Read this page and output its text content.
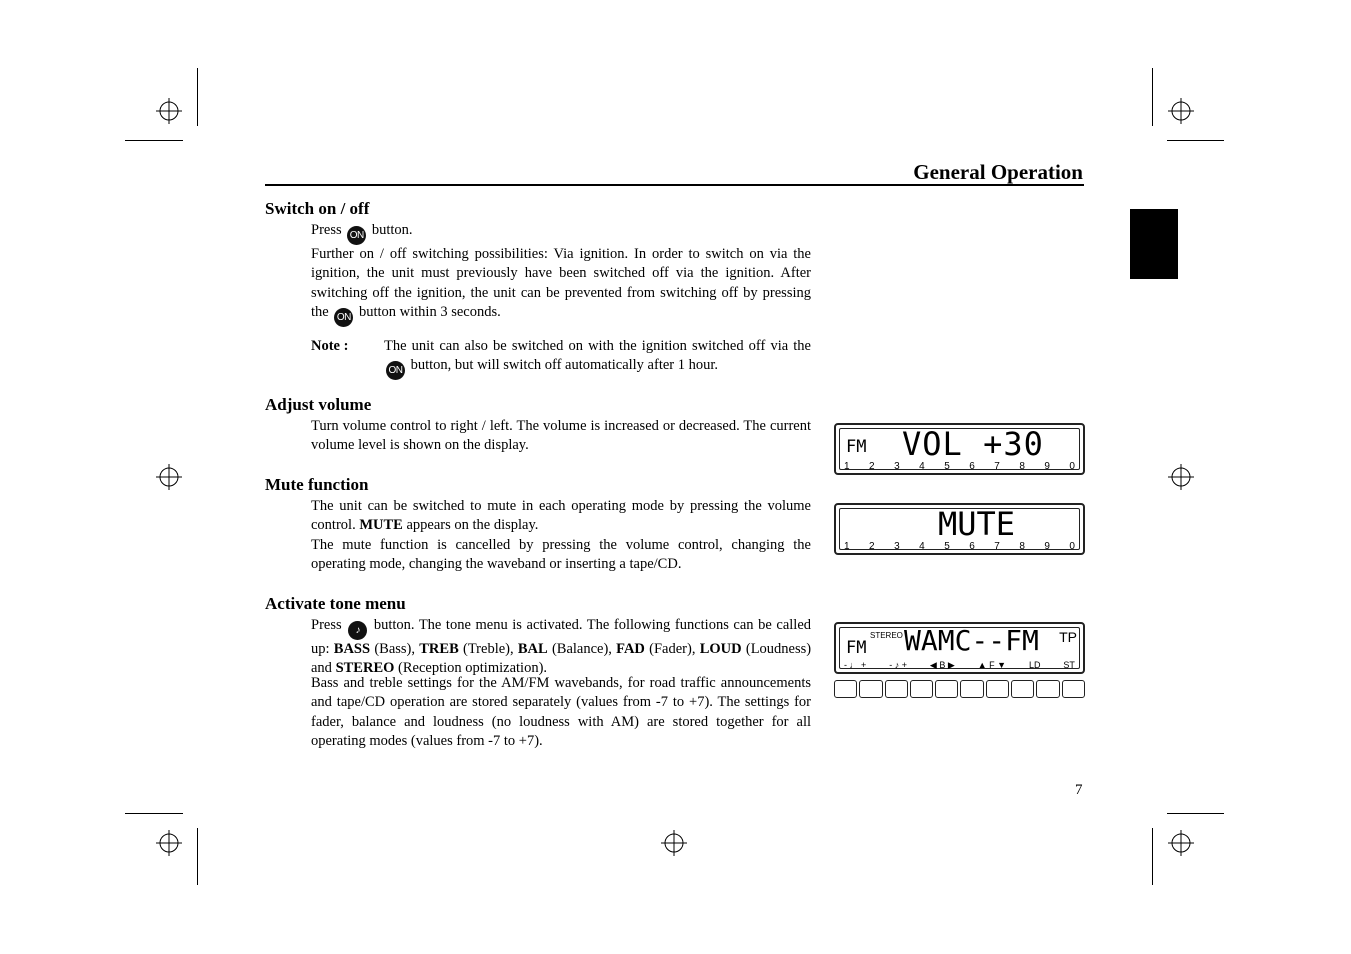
General Operation
Switch on / off
Press ON button.
Further on / off switching possibilities: Via ignition. In order to switch on via the ignition, the unit must previously have been switched off via the ignition. After switching off the ignition, the unit can be prevented from switching off by pressing the ON button within 3 seconds.
Note : The unit can also be switched on with the ignition switched off via the ON button, but will switch off automatically after 1 hour.
Adjust volume
Turn volume control to right / left. The volume is increased or decreased. The current volume level is shown on the display.
Mute function
The unit can be switched to mute in each operating mode by pressing the volume control. MUTE appears on the display.
The mute function is cancelled by pressing the volume control, changing the operating mode, changing the waveband or inserting a tape/CD.
Activate tone menu
Press ♪ button. The tone menu is activated. The following functions can be called up: BASS (Bass), TREB (Treble), BAL (Balance), FAD (Fader), LOUD (Loudness) and STEREO (Reception optimization).
Bass and treble settings for the AM/FM wavebands, for road traffic announcements and tape/CD operation are stored separately (values from -7 to +7). The settings for fader, balance and loudness (no loudness with AM) are stored together for all operating modes (values from -7 to +7).
FM VOL +30
1 2 3 4 5 6 7 8 9 0
MUTE
1 2 3 4 5 6 7 8 9 0
FM
STEREO WAMC--FM TP
- ♩ +	- ♪ +	◀ B ▶	▲ F ▼	LD	ST
7
